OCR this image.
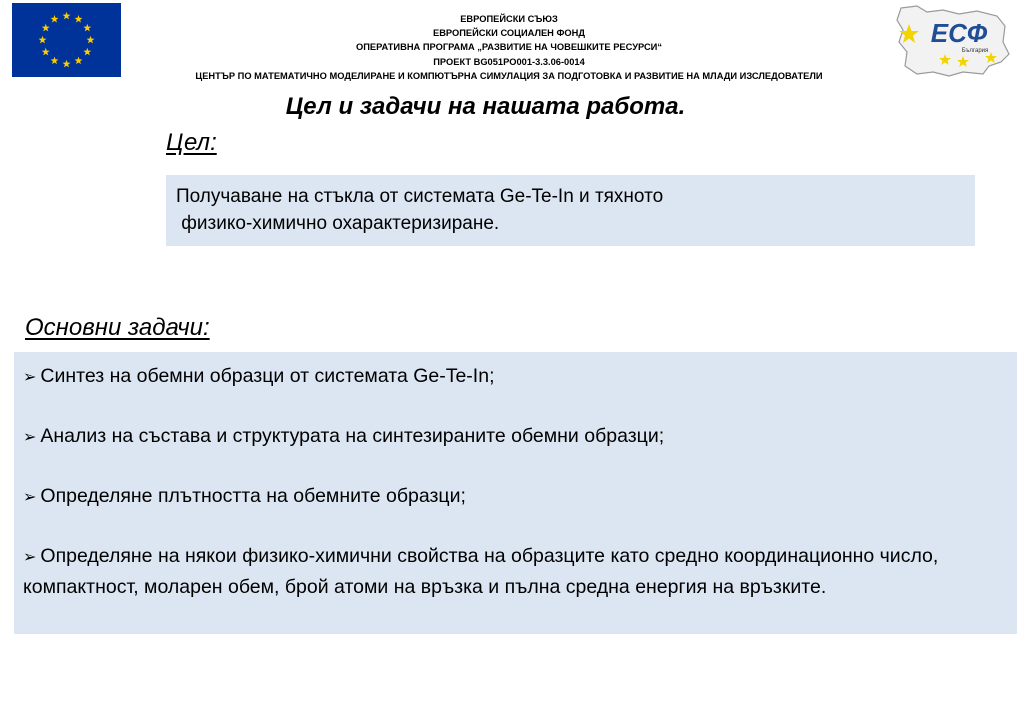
ЕСФ
България
ЕВРОПЕЙСКИ СЪЮЗ
ЕВРОПЕЙСКИ СОЦИАЛЕН ФОНД
ОПЕРАТИВНА ПРОГРАМА „РАЗВИТИЕ НА ЧОВЕШКИТЕ РЕСУРСИ“
ПРОЕКТ BG051PO001-3.3.06-0014
ЦЕНТЪР ПО МАТЕМАТИЧНО МОДЕЛИРАНЕ И КОМПЮТЪРНА СИМУЛАЦИЯ ЗА ПОДГОТОВКА И РАЗВИТИЕ НА МЛАДИ ИЗСЛЕДОВАТЕЛИ
Цел и задачи на нашата работа.
Цел:
Получаване на стъкла от системата Ge-Te-In и тяхното
физико-химично охарактеризиране.
Основни задачи:
➢ Синтез на обемни образци от системата Ge-Te-In;
➢ Анализ на състава и структурата на синтезираните обемни образци;
➢ Определяне плътността на обемните образци;
➢ Определяне на някои физико-химични свойства на образците като средно координационно число, компактност, моларен обем, брой атоми на връзка и пълна средна енергия на връзките.
